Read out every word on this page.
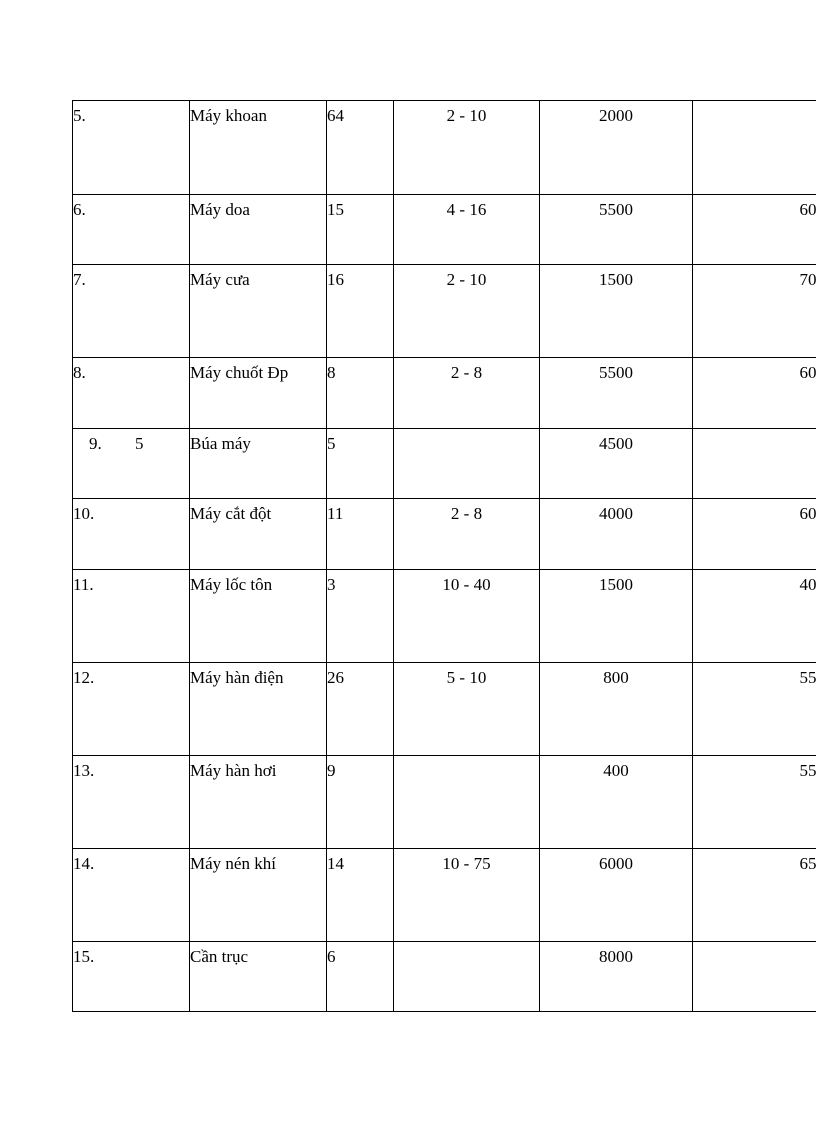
5.	Máy khoan	64	2 - 10	2000	
6.	Máy doa	15	4 - 16	5500	60
7.	Máy cưa	16	2 - 10	1500	70
8.	Máy chuốt Đp	8	2 - 8	5500	60
9. 5	Búa máy	5		4500	
10.	Máy cắt đột	11	2 - 8	4000	60
11.	Máy lốc tôn	3	10 - 40	1500	40
12.	Máy hàn điện	26	5 - 10	800	55
13.	Máy hàn hơi	9		400	55
14.	Máy nén khí	14	10 - 75	6000	65
15.	Cần trục	6		8000	
